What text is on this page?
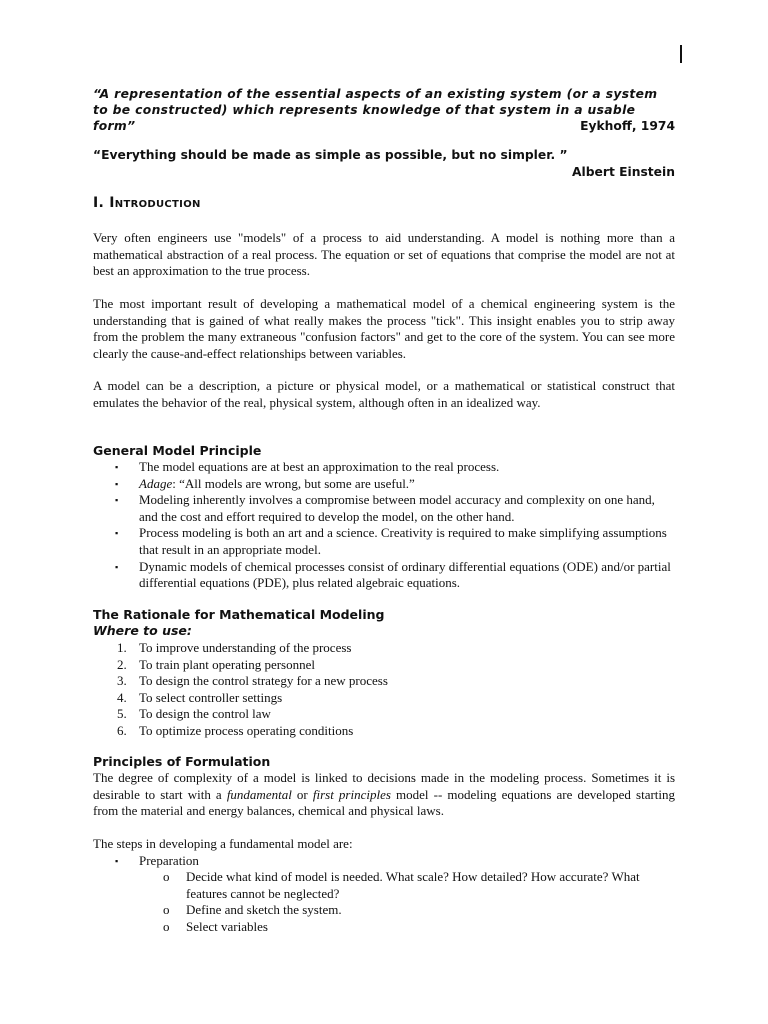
“A representation of the essential aspects of an existing system (or a system to be constructed) which represents knowledge of that system in a usable form”	Eykhoff, 1974
“Everything should be made as simple as possible, but no simpler. ”
Albert Einstein
I. Introduction
Very often engineers use "models" of a process to aid understanding. A model is nothing more than a mathematical abstraction of a real process. The equation or set of equations that comprise the model are not at best an approximation to the true process.
The most important result of developing a mathematical model of a chemical engineering system is the understanding that is gained of what really makes the process "tick". This insight enables you to strip away from the problem the many extraneous "confusion factors" and get to the core of the system. You can see more clearly the cause-and-effect relationships between variables.
A model can be a description, a picture or physical model, or a mathematical or statistical construct that emulates the behavior of the real, physical system, although often in an idealized way.
General Model Principle
▪ The model equations are at best an approximation to the real process.
▪ Adage: “All models are wrong, but some are useful.”
▪ Modeling inherently involves a compromise between model accuracy and complexity on one hand, and the cost and effort required to develop the model, on the other hand.
▪ Process modeling is both an art and a science. Creativity is required to make simplifying assumptions that result in an appropriate model.
▪ Dynamic models of chemical processes consist of ordinary differential equations (ODE) and/or partial differential equations (PDE), plus related algebraic equations.
The Rationale for Mathematical Modeling
Where to use:
1. To improve understanding of the process
2. To train plant operating personnel
3. To design the control strategy for a new process
4. To select controller settings
5. To design the control law
6. To optimize process operating conditions
Principles of Formulation
The degree of complexity of a model is linked to decisions made in the modeling process. Sometimes it is desirable to start with a fundamental or first principles model -- modeling equations are developed starting from the material and energy balances, chemical and physical laws.
The steps in developing a fundamental model are:
▪ Preparation
o Decide what kind of model is needed. What scale? How detailed? How accurate? What features cannot be neglected?
o Define and sketch the system.
o Select variables
